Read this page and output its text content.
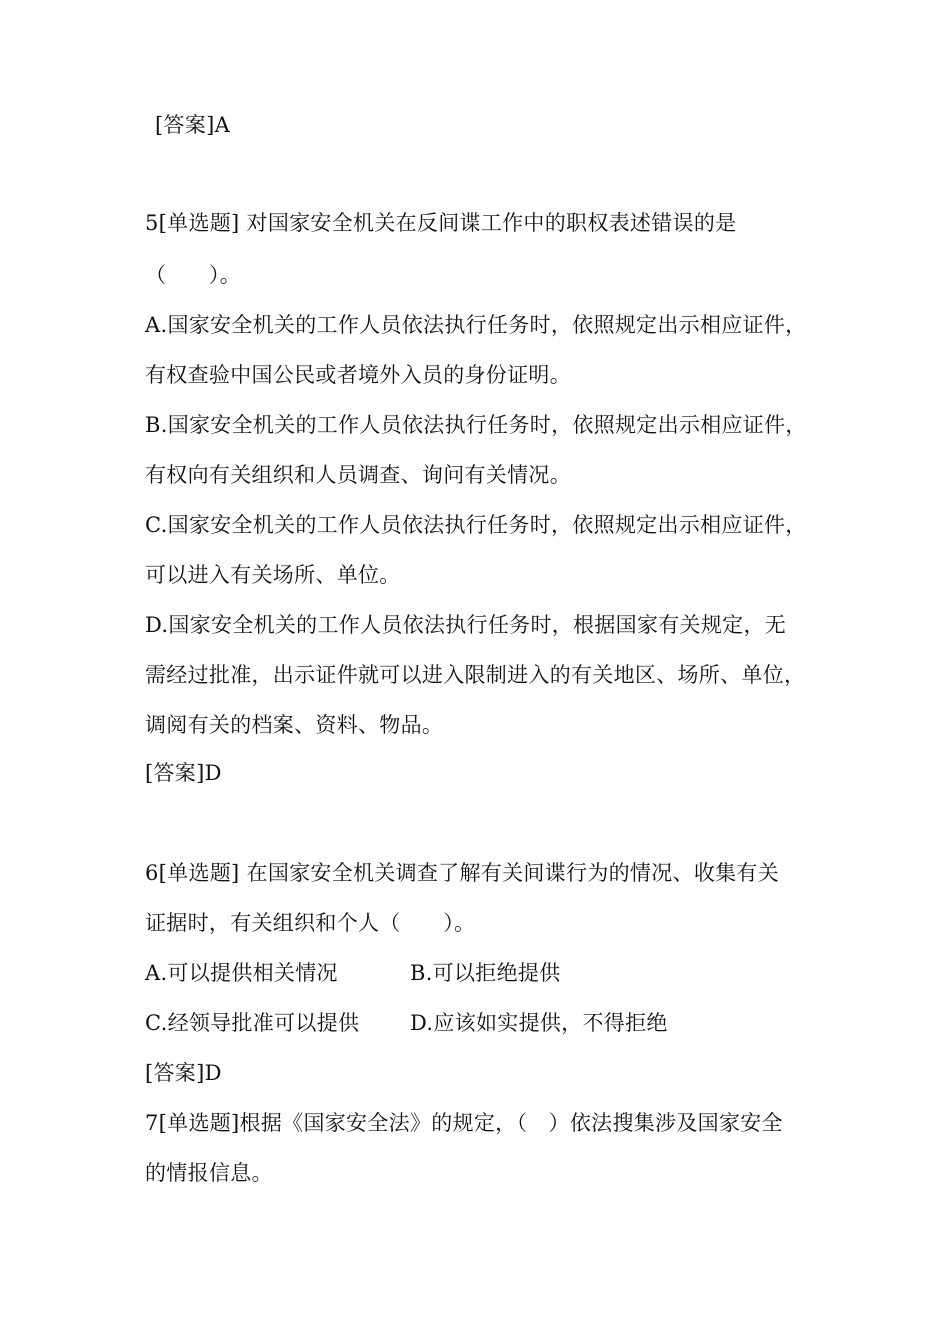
[答案]A
5[单选题] 对国家安全机关在反间谍工作中的职权表述错误的是
（　　）。
A.国家安全机关的工作人员依法执行任务时，依照规定出示相应证件，
有权查验中国公民或者境外入员的身份证明。
B.国家安全机关的工作人员依法执行任务时，依照规定出示相应证件，
有权向有关组织和人员调查、询问有关情况。
C.国家安全机关的工作人员依法执行任务时，依照规定出示相应证件，
可以进入有关场所、单位。
D.国家安全机关的工作人员依法执行任务时，根据国家有关规定，无
需经过批准，出示证件就可以进入限制进入的有关地区、场所、单位，
调阅有关的档案、资料、物品。
[答案]D
6[单选题] 在国家安全机关调查了解有关间谍行为的情况、收集有关
证据时，有关组织和个人（　　）。
A.可以提供相关情况	B.可以拒绝提供
C.经领导批准可以提供 D.应该如实提供，不得拒绝
[答案]D
7[单选题]根据《国家安全法》的规定，（　）依法搜集涉及国家安全
的情报信息。
